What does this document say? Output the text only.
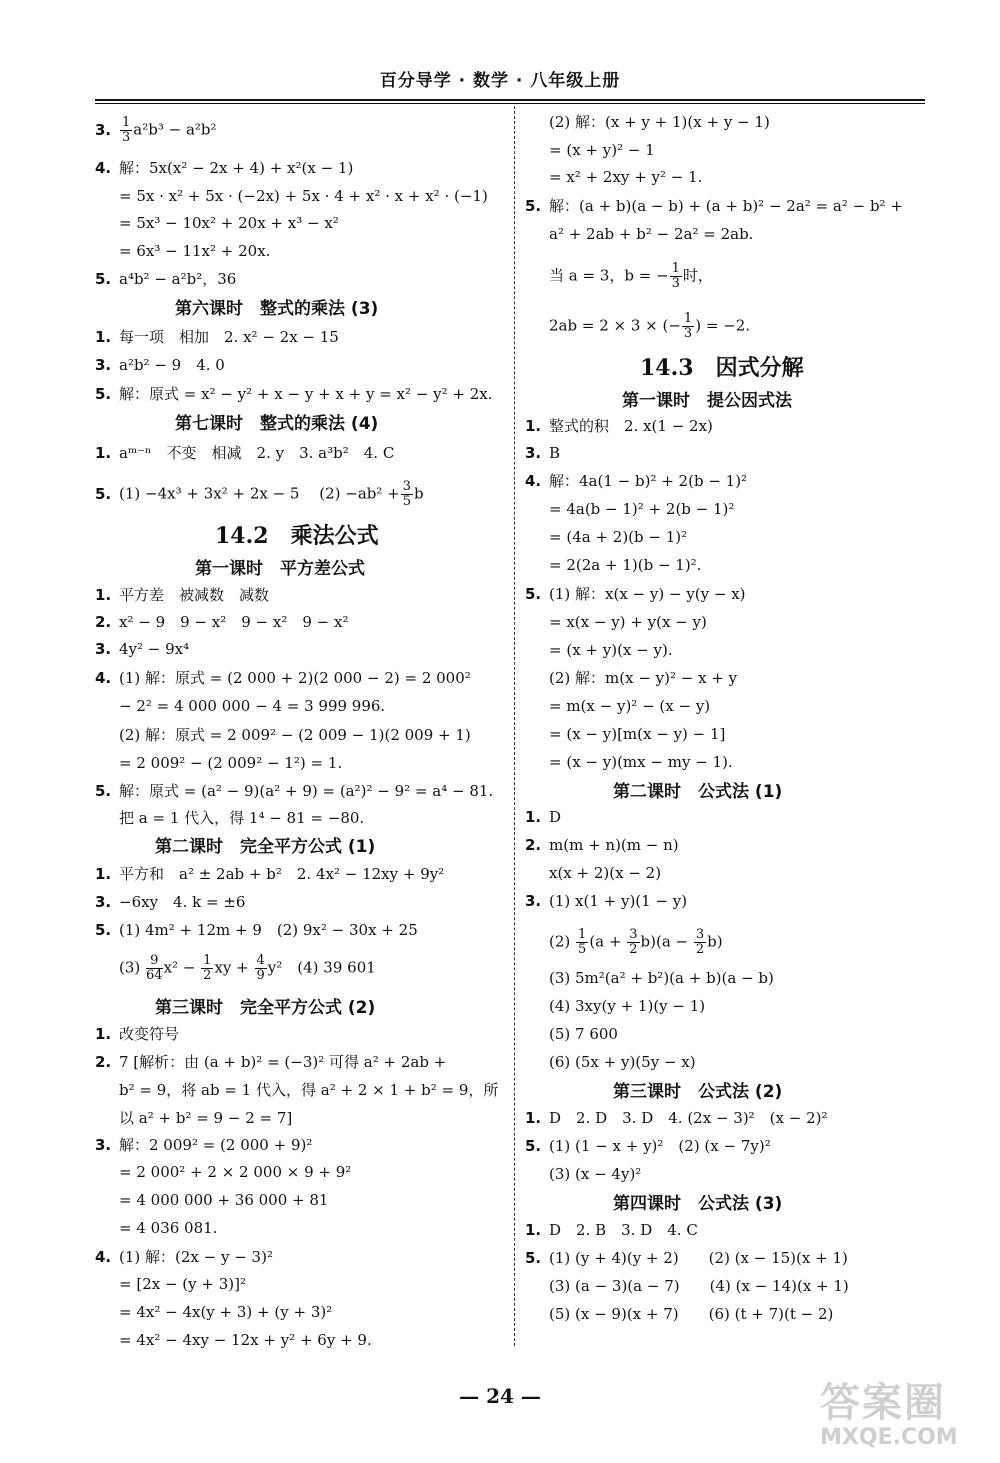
百分导学 · 数学 · 八年级上册
3. $\frac{1}{3} a^2b^3 - a^2b^2$
4. 解：5x(x² − 2x + 4) + x²(x − 1)
= 5x · x² + 5x · (−2x) + 5x · 4 + x² · x + x² · (−1)
= 5x³ − 10x² + 20x + x³ − x²
= 6x³ − 11x² + 20x.
5. a⁴b² − a²b²，36
第六课时　整式的乘法 (3)
1. 每一项　相加　2. x² − 2x − 15
3. a²b² − 9　4. 0
5. 解：原式 = x² − y² + x − y + x + y = x² − y² + 2x.
第七课时　整式的乘法 (4)
1. aᵐ⁻ⁿ　不变　相减　2. y　3. a³b²　4. C
5. (1) −4x³ + 3x² + 2x − 5　 $(2) -ab^2 + \frac{3}{5}$ b
14.2　乘法公式
第一课时　平方差公式
1. 平方差　被减数　减数
2. x² − 9　9 − x²　9 − x²　9 − x²
3. 4y² − 9x⁴
4. (1) 解：原式 = (2 000 + 2)(2 000 − 2) = 2 000²
− 2² = 4 000 000 − 4 = 3 999 996.
(2) 解：原式 = 2 009² − (2 009 − 1)(2 009 + 1)
= 2 009² − (2 009² − 1²) = 1.
5. 解：原式 = (a² − 9)(a² + 9) = (a²)² − 9² = a⁴ − 81.
把 a = 1 代入，得 1⁴ − 81 = −80.
第二课时　完全平方公式 (1)
1. 平方和　a² ± 2ab + b²　2. 4x² − 12xy + 9y²
3. −6xy　4. k = ±6
5. (1) 4m² + 12m + 9　(2) 9x² − 30x + 25
$(3) \frac{9}{64} x^2 - \frac{1}{2}$ xy + $\frac{4}{9} y^2$　(4) 39 601
第三课时　完全平方公式 (2)
1. 改变符号
2. 7 [解析：由 (a + b)² = (−3)² 可得 a² + 2ab +
b² = 9，将 ab = 1 代入，得 a² + 2 × 1 + b² = 9，所
以 a² + b² = 9 − 2 = 7]
3. 解：2 009² = (2 000 + 9)²
= 2 000² + 2 × 2 000 × 9 + 9²
= 4 000 000 + 36 000 + 81
= 4 036 081.
4. (1) 解：(2x − y − 3)²
= [2x − (y + 3)]²
= 4x² − 4x(y + 3) + (y + 3)²
= 4x² − 4xy − 12x + y² + 6y + 9.
(2) 解：(x + y + 1)(x + y − 1)
= (x + y)² − 1
= x² + 2xy + y² − 1.
5. 解：(a + b)(a − b) + (a + b)² − 2a² = a² − b² +
a² + 2ab + b² − 2a² = 2ab.
当 a = 3，b = − $\frac{1}{3}$ 时，
2ab = 2 × 3 × (− $\frac{1}{3}$ ) = −2.
14.3　因式分解
第一课时　提公因式法
1. 整式的积　2. x(1 − 2x)
3. B
4. 解：4a(1 − b)² + 2(b − 1)²
= 4a(b − 1)² + 2(b − 1)²
= (4a + 2)(b − 1)²
= 2(2a + 1)(b − 1)².
5. (1) 解：x(x − y) − y(y − x)
= x(x − y) + y(x − y)
= (x + y)(x − y).
(2) 解：m(x − y)² − x + y
= m(x − y)² − (x − y)
= (x − y)[m(x − y) − 1]
= (x − y)(mx − my − 1).
第二课时　公式法 (1)
1. D
2. m(m + n)(m − n)
x(x + 2)(x − 2)
3. (1) x(1 + y)(1 − y)
$(2) \frac{1}{5} (a + \frac{3}{2} b)(a - \frac{3}{2} b)$
(3) 5m²(a² + b²)(a + b)(a − b)
(4) 3xy(y + 1)(y − 1)
(5) 7 600
(6) (5x + y)(5y − x)
第三课时　公式法 (2)
1. D　2. D　3. D　4. (2x − 3)²　(x − 2)²
5. (1) (1 − x + y)²　(2) (x − 7y)²
(3) (x − 4y)²
第四课时　公式法 (3)
1. D　2. B　3. D　4. C
5. (1) (y + 4)(y + 2)　　(2) (x − 15)(x + 1)
(3) (a − 3)(a − 7)　　(4) (x − 14)(x + 1)
(5) (x − 9)(x + 7)　　(6) (t + 7)(t − 2)
— 24 —	答案圈
MXQE.COM
